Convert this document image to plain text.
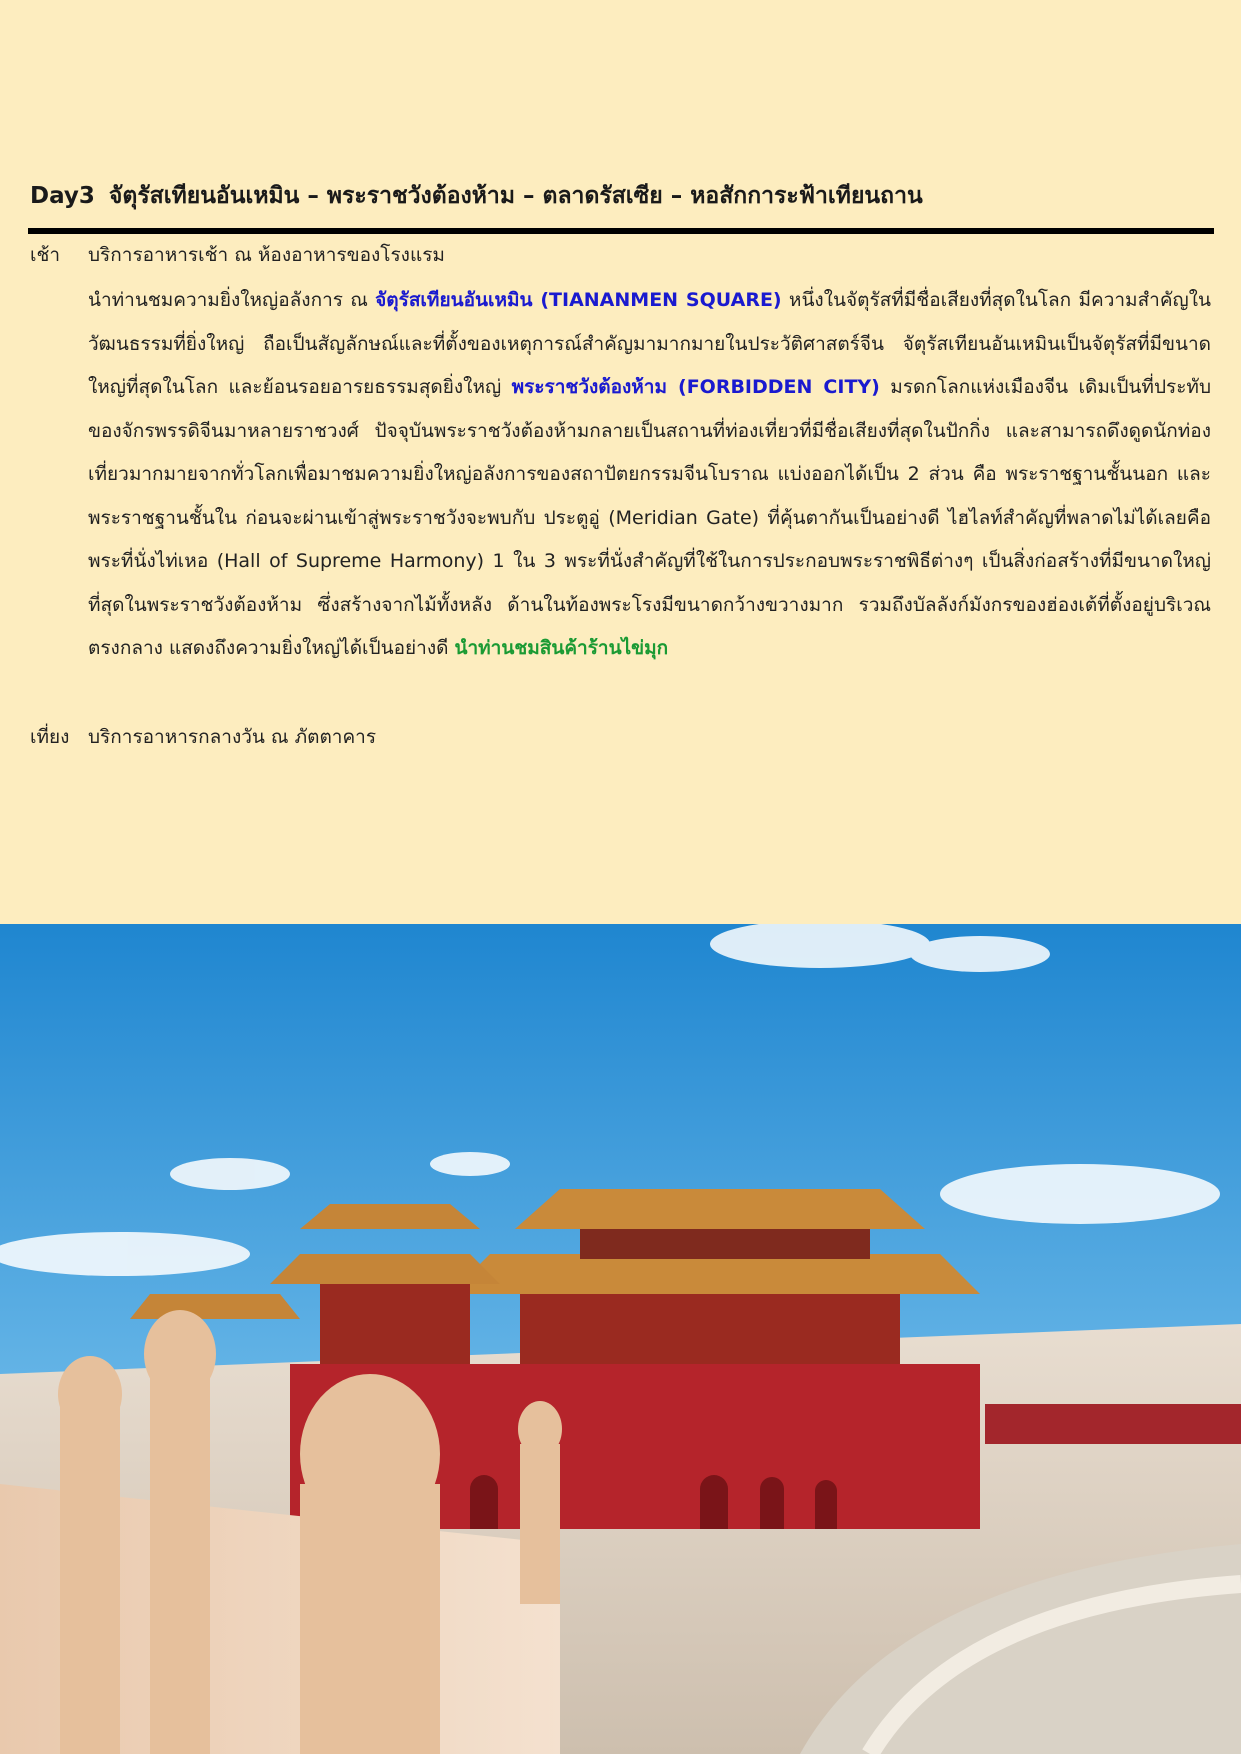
Day3 จัตุรัสเทียนอันเหมิน – พระราชวังต้องห้าม – ตลาดรัสเซีย – หอสักการะฟ้าเทียนถาน
เช้า	บริการอาหารเช้า ณ ห้องอาหารของโรงแรม
นำท่านชมความยิ่งใหญ่อลังการ ณ จัตุรัสเทียนอันเหมิน (TIANANMEN SQUARE) หนึ่งในจัตุรัสที่มีชื่อเสียงที่สุดในโลก มีความสำคัญในวัฒนธรรมที่ยิ่งใหญ่ ถือเป็นสัญลักษณ์และที่ตั้งของเหตุการณ์สำคัญมามากมายในประวัติศาสตร์จีน จัตุรัสเทียนอันเหมินเป็นจัตุรัสที่มีขนาดใหญ่ที่สุดในโลก และย้อนรอยอารยธรรมสุดยิ่งใหญ่ พระราชวังต้องห้าม (FORBIDDEN CITY) มรดกโลกแห่งเมืองจีน เดิมเป็นที่ประทับของจักรพรรดิจีนมาหลายราชวงศ์ ปัจจุบันพระราชวังต้องห้ามกลายเป็นสถานที่ท่องเที่ยวที่มีชื่อเสียงที่สุดในปักกิ่ง และสามารถดึงดูดนักท่องเที่ยวมากมายจากทั่วโลกเพื่อมาชมความยิ่งใหญ่อลังการของสถาปัตยกรรมจีนโบราณ แบ่งออกได้เป็น 2 ส่วน คือ พระราชฐานชั้นนอก และพระราชฐานชั้นใน ก่อนจะผ่านเข้าสู่พระราชวังจะพบกับ ประตูอู่ (Meridian Gate) ที่คุ้นตากันเป็นอย่างดี ไฮไลท์สำคัญที่พลาดไม่ได้เลยคือ พระที่นั่งไท่เหอ (Hall of Supreme Harmony) 1 ใน 3 พระที่นั่งสำคัญที่ใช้ในการประกอบพระราชพิธีต่างๆ เป็นสิ่งก่อสร้างที่มีขนาดใหญ่ที่สุดในพระราชวังต้องห้าม ซึ่งสร้างจากไม้ทั้งหลัง ด้านในท้องพระโรงมีขนาดกว้างขวางมาก รวมถึงบัลลังก์มังกรของฮ่องเต้ที่ตั้งอยู่บริเวณตรงกลาง แสดงถึงความยิ่งใหญ่ได้เป็นอย่างดี นำท่านชมสินค้าร้านไข่มุก
เที่ยง บริการอาหารกลางวัน ณ ภัตตาคาร
